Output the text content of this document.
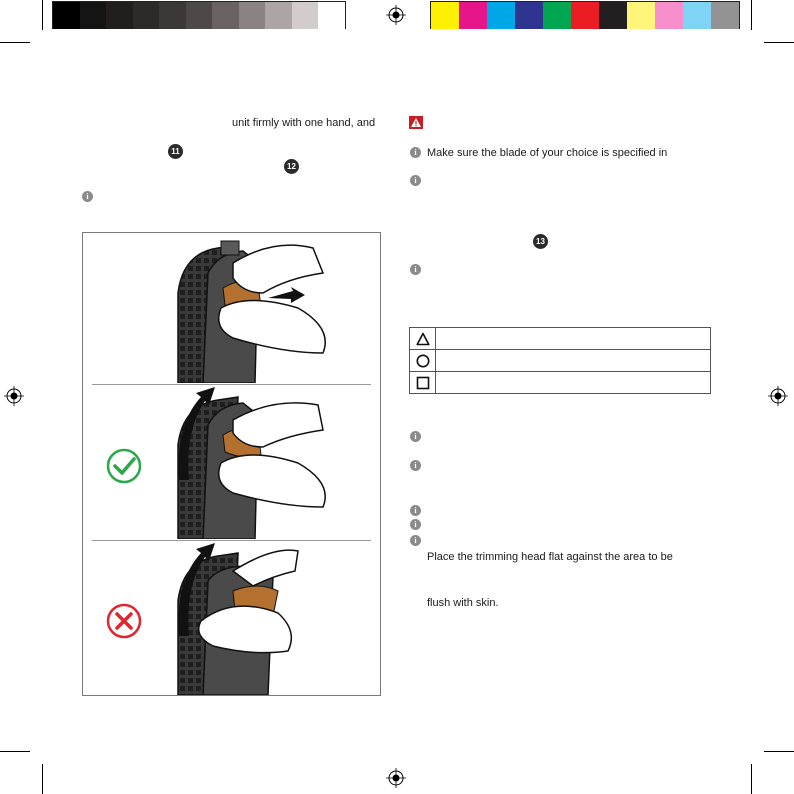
unit firmly with one hand, and
11
12
i
i Make sure the blade of your choice is specified in
i
13
i

i
i
i
i
i
Place the trimming head flat against the area to be
flush with skin.
